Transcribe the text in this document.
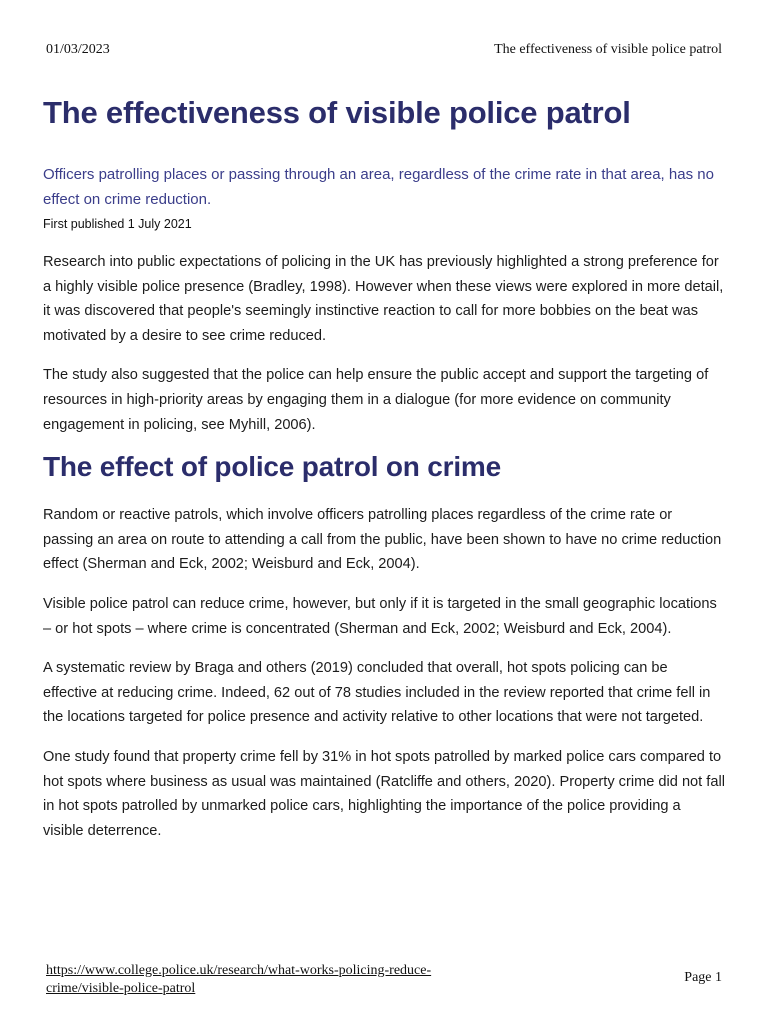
01/03/2023	The effectiveness of visible police patrol
The effectiveness of visible police patrol

Officers patrolling places or passing through an area, regardless of the crime rate in that area, has no effect on crime reduction.

First published 1 July 2021

Research into public expectations of policing in the UK has previously highlighted a strong preference for a highly visible police presence (Bradley, 1998). However when these views were explored in more detail, it was discovered that people's seemingly instinctive reaction to call for more bobbies on the beat was motivated by a desire to see crime reduced.

The study also suggested that the police can help ensure the public accept and support the targeting of resources in high-priority areas by engaging them in a dialogue (for more evidence on community engagement in policing, see Myhill, 2006).

The effect of police patrol on crime

Random or reactive patrols, which involve officers patrolling places regardless of the crime rate or passing an area on route to attending a call from the public, have been shown to have no crime reduction effect (Sherman and Eck, 2002; Weisburd and Eck, 2004).

Visible police patrol can reduce crime, however, but only if it is targeted in the small geographic locations – or hot spots – where crime is concentrated (Sherman and Eck, 2002; Weisburd and Eck, 2004).

A systematic review by Braga and others (2019) concluded that overall, hot spots policing can be effective at reducing crime. Indeed, 62 out of 78 studies included in the review reported that crime fell in the locations targeted for police presence and activity relative to other locations that were not targeted.

One study found that property crime fell by 31% in hot spots patrolled by marked police cars compared to hot spots where business as usual was maintained (Ratcliffe and others, 2020). Property crime did not fall in hot spots patrolled by unmarked police cars, highlighting the importance of the police providing a visible deterrence.

https://www.college.police.uk/research/what-works-policing-reduce-crime/visible-police-patrol
Page 1
